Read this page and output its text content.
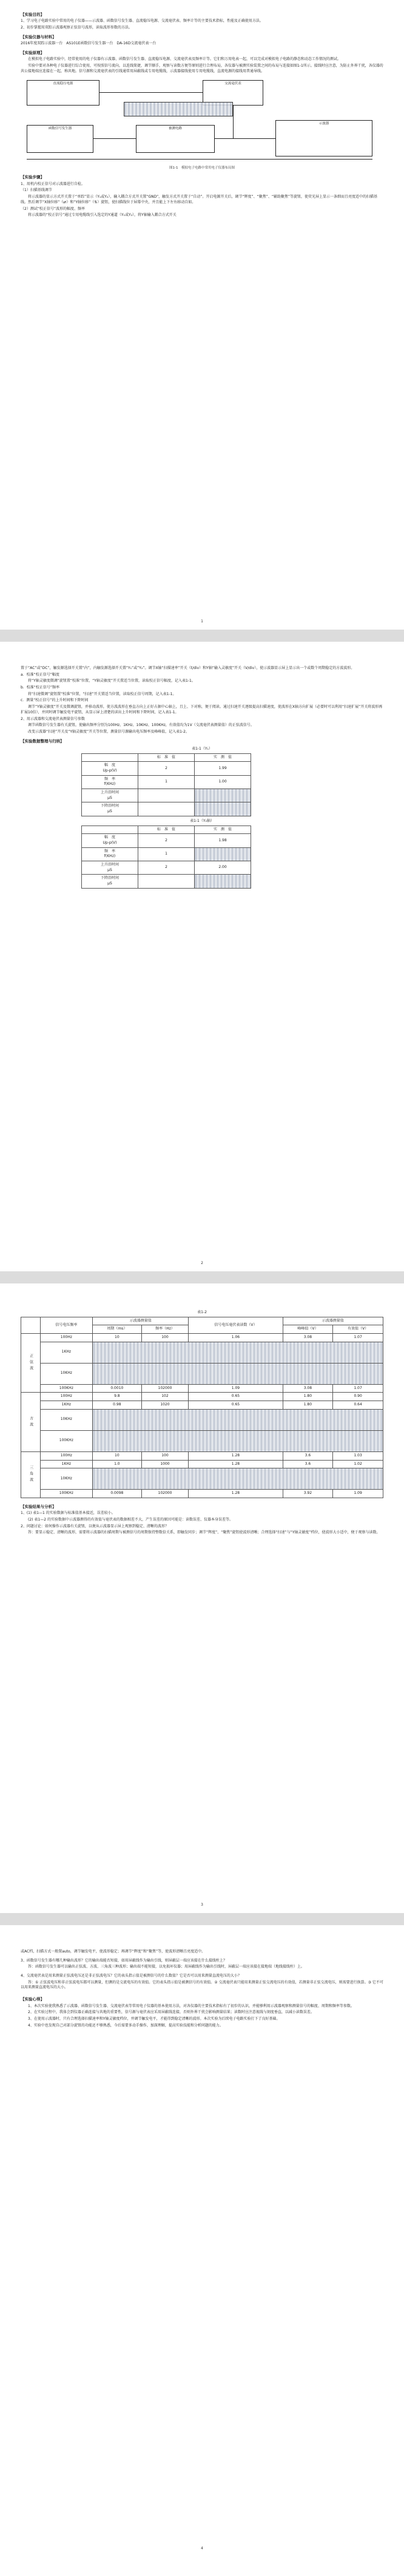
【实验目的】

1、学习电子电路实验中常用的电子仪器——示波器、函数信号发生器、直流稳压电源、交流毫伏表、频率计等的主要技术指标，性能及正确使用方法。

2、初步掌握用双踪示波器观察正弦信号波形，读取波形参数的方法。

【实验仪器与材料】

2016年度双踪示波器一台　AS101E函数信号发生器一台　DA-16D交流毫伏表一台

【实验原理】

在模拟电子电路实验中，经常使用的电子仪器有示波器、函数信号发生器、直流稳压电源、交流毫伏表及频率计等。它们和万用电表一起，可以完成对模拟电子电路的静态和动态工作情况的测试。

实验中要对各种电子仪器进行综合使用，可按照信号流向，以连线简捷，调节顺手，观察与读数方便等原则进行合理布局，各仪器与被测实验装置之间的布局与连接如图1-1所示。接线时应注意，为防止外界干扰，各仪器的共公接地端应连接在一起，称共地。信号源和交流毫伏表的引线通常用屏蔽线或专用电缆线，示波器接线使用专用电缆线，直流电源的接线用普通导线。

直流稳压电源	交流毫伏表
函数信号发生器	被测电路
示波器

图1-1　模拟电子电路中常用电子仪器布局图

【实验步骤】

1、用机内校正信号对示波器进行自检。

（1）扫描基线调节

将示波器的显示方式开关置于“单踪”显示（Y₁或Y₂），输入耦合方式开关置“GND”，触发方式开关置于“自动”。开启电源开关后，调节“辉度”、“聚焦”、“辅助聚焦”等旋钮，使荧光屏上显示一条细而且亮度适中的扫描基线。然后调节“X轴位移”（⇄）和“Y轴位移”（⇅）旋钮，使扫描线位于屏幕中央，并且能上下左右移动自如。

（2）测试“校正信号”波形的幅度、频率

将示波器的“校正信号”通过专用电缆线引入选定的Y通道（Y₁或Y₂），将Y轴输入耦合方式开关

1

置于“AC”或“DC”，触发源选择开关置“内”，内触发源选择开关置“Y₁”或“Y₂”。调节X轴“扫描速率”开关（t/div）和Y轴“输入灵敏度”开关（V/div），使示波器显示屏上显示出一个或数个周期稳定的方波波形。

a．校准“校正信号”幅度

将“Y轴灵敏度微调”旋钮置“校准”位置，“Y轴灵敏度”开关置适当位置，读取校正信号幅度，记入表1-1。

b．校准“校正信号”频率

将“扫速微调”旋钮置“校准”位置，“扫速”开关置适当位置，读取校正信号周期，记入表1-1。

c．测量“校正信号”的上升时间和下降时间

调节“Y轴灵敏度”开关及微调旋钮，并移动波形，使方波波形在垂直方向上正好占据中心轴上，且上、下对称，便于阅读。通过扫速开关逐级提高扫描速度，使波形在X轴方向扩展（必要时可以利用“扫速扩展”开关将波形再扩展10倍），并同时调节触发电平旋钮，从显示屏上清楚的读出上升时间和下降时间，记入表1-1。

2、用示波器和交流毫伏表测量信号参数

调节函数信号发生器有关旋钮，使输出频率分别为100Hz、1KHz、10KHz、100KHz，有效值均为1V（交流毫伏表测量值）的正弦波信号。

改变示波器“扫速”开关及“Y轴灵敏度”开关等位置，测量信号源输出电压频率及峰峰值，记入表1-2。

【实验数据整理与归纳】
表1-1（Y₁）
	标　准　值	实　测　值
幅　度
Up-p(V)	2	1.99
频　率
f(KHz)	1	1.00
上升沿时间
μS		
下降沿时间
μS		
表1-1（Y₂轴）
	标　准　值	实　测　值
幅　度
Up-p(V)	2	1.98
频　率
f(KHz)	1	
上升沿时间
μS	2	2.00
下降沿时间
μS		
2
表1-2
	信号电压频率	示波器测量值		信号电压毫伏表读数（V）	示波器测量值	
		周期（ms）	频率（Hz）		峰峰值（V）	有效值（V）
正弦波	100Hz	10	100	1.06	3.08	1.07
	1KHz					
	10KHz					
	100KHz	0.0010	102000	1.09	3.08	1.07
方波	100Hz	9.8	102	0.65	1.80	0.90
	1KHz	0.98	1020	0.65	1.80	0.64
	10KHz					
	100KHz					
三角波	100Hz	10	100	1.28	3.6	1.03
	1KHz	1.0	1000	1.28	3.6	1.02
	10KHz					
	100KHz	0.0098	102000	1.28	3.92	1.09
【实验结果与分析】

1、(1) 表1—1 的实验数据与标准值基本接近，误差较小。

(2) 表1—2 的实验数据中示波器测得的有效值与毫伏表的数据相差不大，产生误差的原因可能是：读数误差、仪器本身误差等。

2、问题讨论：如何操作示波器有关旋钮，以便从示波器显示屏上观察到稳定、清晰的波形？

答：要显示稳定、清晰的波形，需要将示波器的扫描周期与被测信号的周期保持整数倍关系，即触发同步；调节“辉度”、“聚焦”旋钮使波形清晰；合理选择“扫速”与“Y轴灵敏度”档位，使波形大小适中，便于观察与读数。

3

或AC档，扫描方式一般置auto，调节触发电平，使波形稳定；再调节“辉度”和“聚焦”等，使波形清晰且亮度适中。

3、函数信号发生器有哪几种输出波形？它的输出端能否短接，如用屏蔽线作为输出引线，则屏蔽层一端应该接在什么接线柱上？

答：函数信号发生器可以输出正弦波、方波、三角波三种波形；输出端不能短接，以免损坏仪器；用屏蔽线作为输出引线时，屏蔽层一端应该接在接地端（地线接线柱）上。

4、交流毫伏表是用来测量正弦波电压还是非正弦波电压？它的表头指示值是被测信号的什么数值？它是否可以用来测量直流电压的大小？

答：① 正弦波电压和非正弦波电压都可以测量，但测的是交流电压的有效值。它的表头指示值是被测信号的有效值。② 交流毫伏表只能用来测量正弦交流电压的有效值，若测量非正弦交流电压，则需要进行换算。③ 它不可以用来测量直流电压的大小。

【实验心得】

1、本次实验使我熟悉了示波器、函数信号发生器、交流毫伏表等常用电子仪器的基本使用方法，对各仪器的主要技术指标有了初步的认识，并能够利用示波器观察和测量信号的幅度、周期和频率等参数。

2、在实验过程中，我体会到仪器正确连接与共地的重要性，信号源与毫伏表应采用屏蔽线连接，否则外界干扰会影响测量结果；读数时应注意视线与刻度垂直，以减小读数误差。

3、在使用示波器时，只有合理选择扫描速率和Y轴灵敏度档位，并调节触发电平，才能得到稳定清晰的波形。本次实验为后续电子电路实验打下了良好基础。

4、实验中也发现自己对部分旋钮的功能还不够熟悉，今后需要多动手操作，加深理解，提高实验技能和分析问题的能力。

4
